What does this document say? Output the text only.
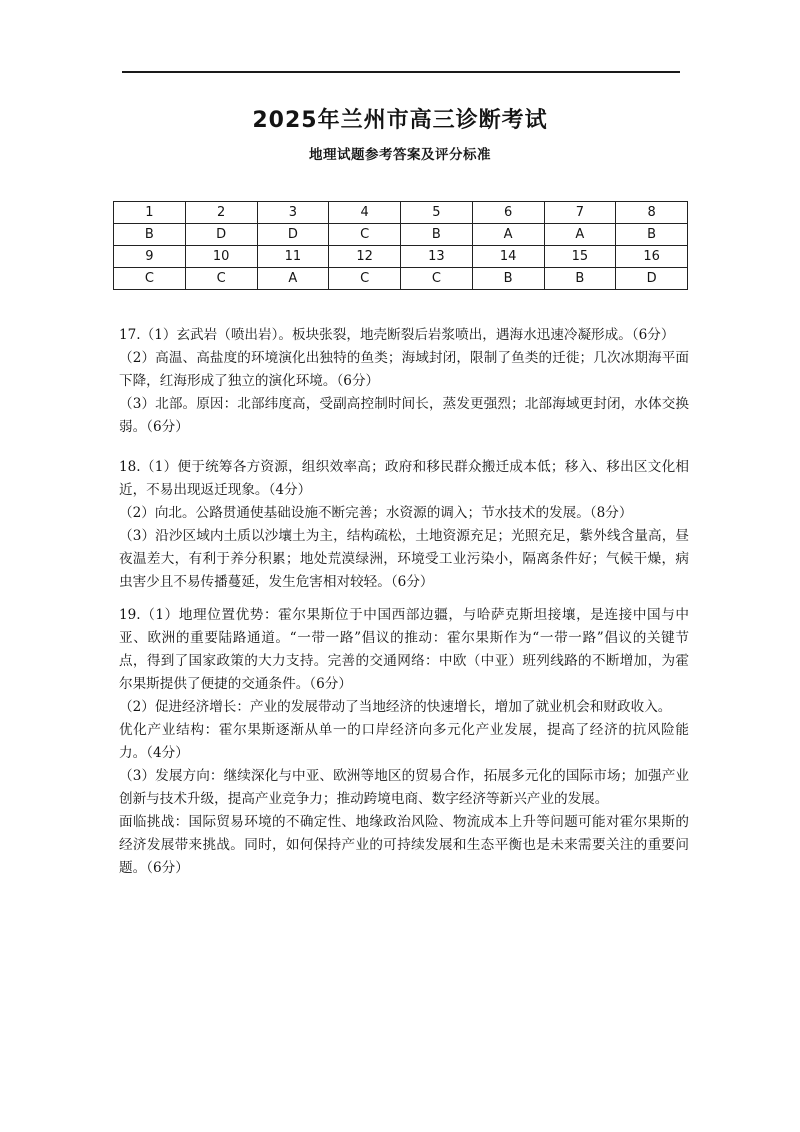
2025年兰州市高三诊断考试
地理试题参考答案及评分标准
1	2	3	4	5	6	7	8
B	D	D	C	B	A	A	B
9	10	11	12	13	14	15	16
C	C	A	C	C	B	B	D

17.（1）玄武岩（喷出岩）。板块张裂，地壳断裂后岩浆喷出，遇海水迅速冷凝形成。（6分）

（2）高温、高盐度的环境演化出独特的鱼类；海域封闭，限制了鱼类的迁徙；几次冰期海平面下降，红海形成了独立的演化环境。（6分）

（3）北部。原因：北部纬度高，受副高控制时间长，蒸发更强烈；北部海域更封闭，水体交换弱。（6分）

18.（1）便于统筹各方资源，组织效率高；政府和移民群众搬迁成本低；移入、移出区文化相近，不易出现返迁现象。（4分）

（2）向北。公路贯通使基础设施不断完善；水资源的调入；节水技术的发展。（8分）

（3）沿沙区域内土质以沙壤土为主，结构疏松，土地资源充足；光照充足，紫外线含量高，昼夜温差大，有利于养分积累；地处荒漠绿洲，环境受工业污染小，隔离条件好；气候干燥，病虫害少且不易传播蔓延，发生危害相对较轻。（6分）

19.（1）地理位置优势：霍尔果斯位于中国西部边疆，与哈萨克斯坦接壤，是连接中国与中亚、欧洲的重要陆路通道。“一带一路”倡议的推动：霍尔果斯作为“一带一路”倡议的关键节点，得到了国家政策的大力支持。完善的交通网络：中欧（中亚）班列线路的不断增加，为霍尔果斯提供了便捷的交通条件。（6分）

（2）促进经济增长：产业的发展带动了当地经济的快速增长，增加了就业机会和财政收入。

优化产业结构：霍尔果斯逐渐从单一的口岸经济向多元化产业发展，提高了经济的抗风险能力。（4分）

（3）发展方向：继续深化与中亚、欧洲等地区的贸易合作，拓展多元化的国际市场；加强产业创新与技术升级，提高产业竞争力；推动跨境电商、数字经济等新兴产业的发展。

面临挑战：国际贸易环境的不确定性、地缘政治风险、物流成本上升等问题可能对霍尔果斯的经济发展带来挑战。同时，如何保持产业的可持续发展和生态平衡也是未来需要关注的重要问题。（6分）
